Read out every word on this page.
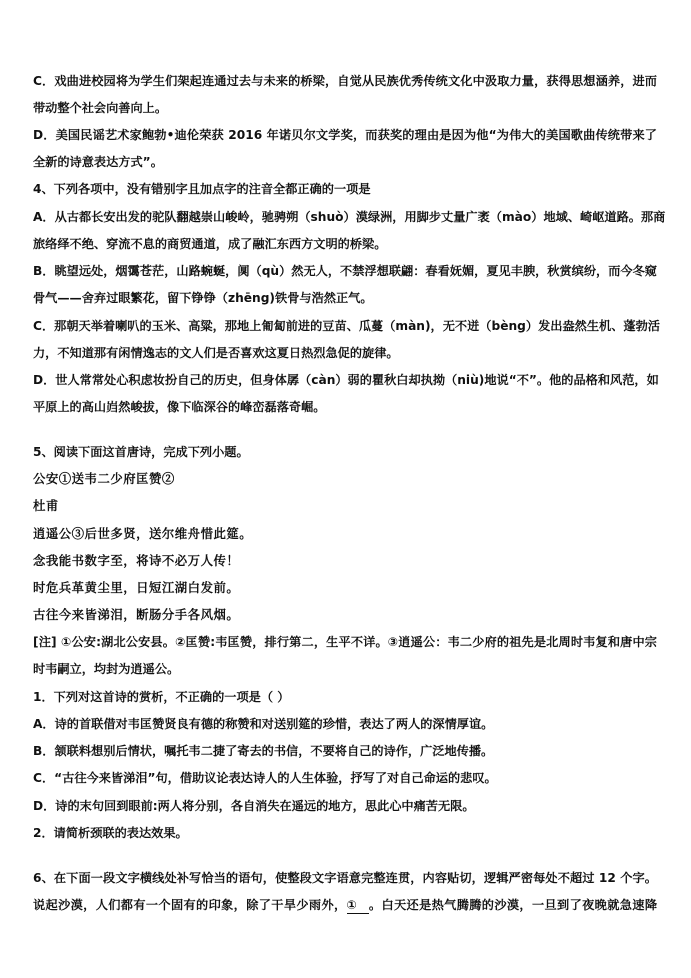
C．戏曲进校园将为学生们架起连通过去与未来的桥梁，自觉从民族优秀传统文化中汲取力量，获得思想涵养，进而
带动整个社会向善向上。
D．美国民谣艺术家鲍勃•迪伦荣获 2016 年诺贝尔文学奖，而获奖的理由是因为他“为伟大的美国歌曲传统带来了
全新的诗意表达方式”。
4、下列各项中，没有错别字且加点字的注音全都正确的一项是
A．从古都长安出发的驼队翻越崇山峻岭，驰骋朔（shuò）漠绿洲，用脚步丈量广袤（mào）地域、崎岖道路。那商
旅络绎不绝、穿流不息的商贸通道，成了融汇东西方文明的桥梁。
B．眺望远处，烟霭苍茫，山路蜿蜒，阒（qù）然无人，不禁浮想联翩：春看妩媚，夏见丰腴，秋赏缤纷，而今冬窥
骨气——舍弃过眼繁花，留下铮铮（zhēng)铁骨与浩然正气。
C．那朝天举着喇叭的玉米、高粱，那地上匍匐前进的豆苗、瓜蔓（màn)，无不迸（bèng）发出盎然生机、蓬勃活
力，不知道那有闲情逸志的文人们是否喜欢这夏日热烈急促的旋律。
D．世人常常处心积虑妆扮自己的历史，但身体孱（càn）弱的瞿秋白却执拗（niù)地说“不”。他的品格和风范，如
平原上的高山岿然峻拔，像下临深谷的峰峦磊落奇崛。
5、阅读下面这首唐诗，完成下列小题。
公安①送韦二少府匡赞②
杜甫
逍遥公③后世多贤，送尔维舟惜此筵。
念我能书数字至，将诗不必万人传！
时危兵革黄尘里，日短江湖白发前。
古往今来皆涕泪，断肠分手各风烟。
[注] ①公安:湖北公安县。②匡赞:韦匡赞，排行第二，生平不详。③逍遥公：韦二少府的祖先是北周时韦复和唐中宗
时韦嗣立，均封为逍遥公。
1．下列对这首诗的赏析，不正确的一项是（ ）
A．诗的首联借对韦匡赞贤良有德的称赞和对送别筵的珍惜，表达了两人的深情厚谊。
B．颔联料想别后情状，嘱托韦二捷了寄去的书信，不要将自己的诗作，广泛地传播。
C．“古往今来皆涕泪”句，借助议论表达诗人的人生体验，抒写了对自己命运的悲叹。
D．诗的末句回到眼前:两人将分别，各自消失在遥远的地方，思此心中痛苦无限。
2．请简析颈联的表达效果。
6、在下面一段文字横线处补写恰当的语句，使整段文字语意完整连贯，内容贴切，逻辑严密每处不超过 12 个字。
说起沙漠，人们都有一个固有的印象，除了干旱少雨外，① 。白天还是热气腾腾的沙漠，一旦到了夜晚就急速降
